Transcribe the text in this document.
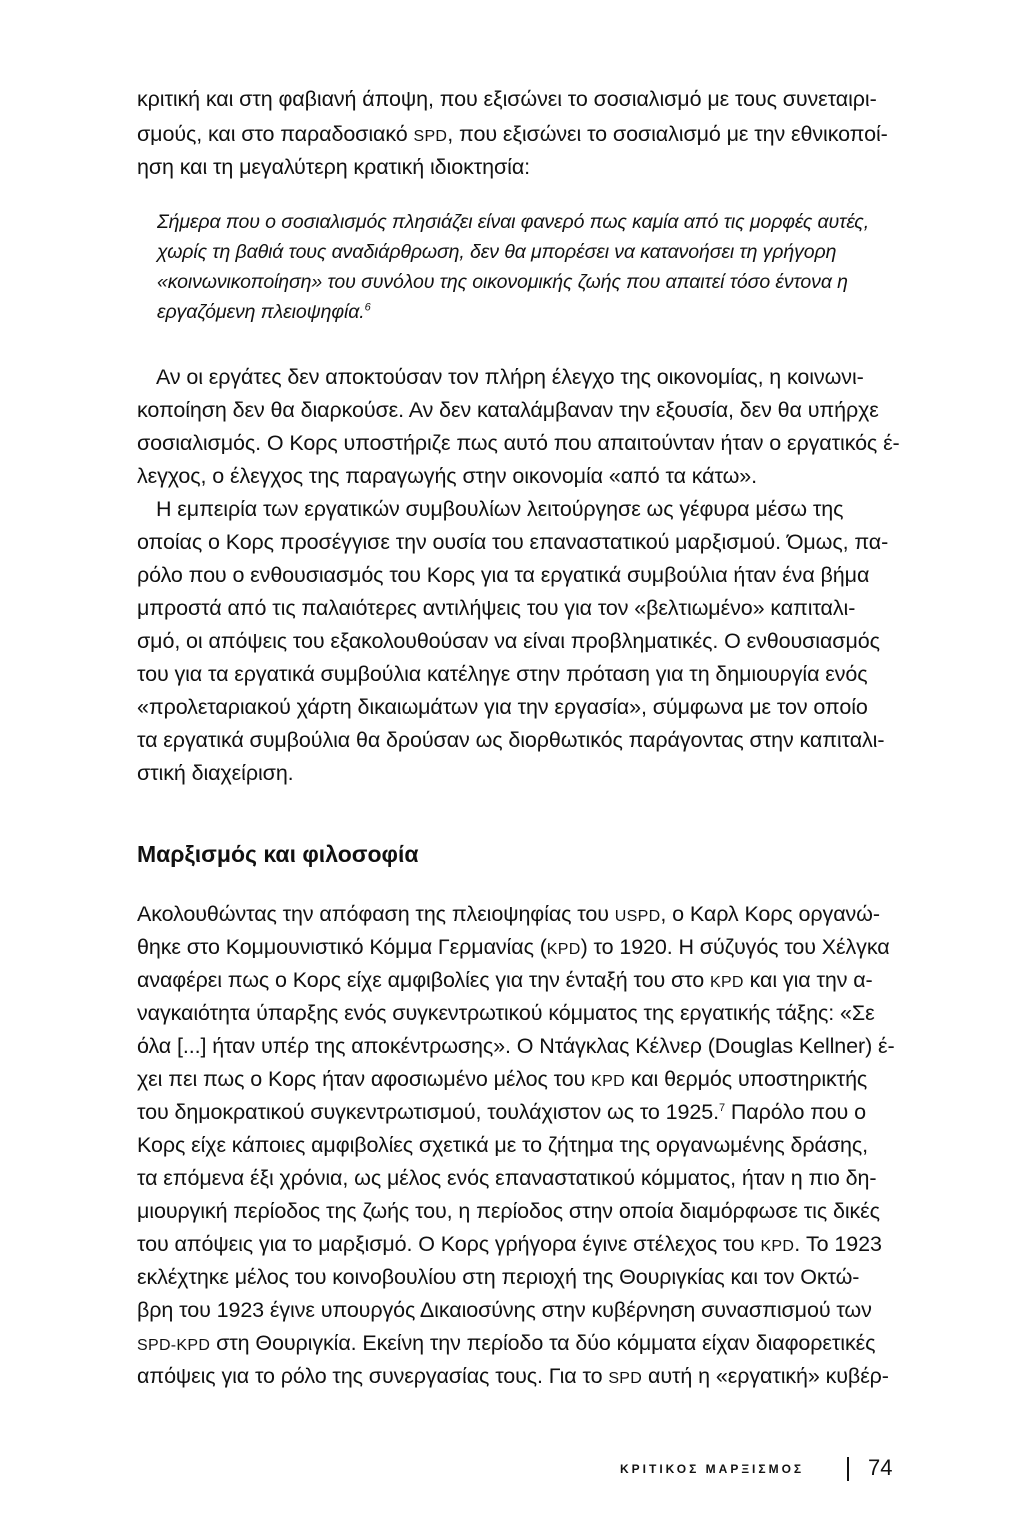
κριτική και στη φαβιανή άποψη, που εξισώνει το σοσιαλισμό με τους συνεταιρι-
σμούς, και στο παραδοσιακό SPD, που εξισώνει το σοσιαλισμό με την εθνικοποί-
ηση και τη μεγαλύτερη κρατική ιδιοκτησία:
Σήμερα που ο σοσιαλισμός πλησιάζει είναι φανερό πως καμία από τις μορφές αυτές,
χωρίς τη βαθιά τους αναδιάρθρωση, δεν θα μπορέσει να κατανοήσει τη γρήγορη
«κοινωνικοποίηση» του συνόλου της οικονομικής ζωής που απαιτεί τόσο έντονα η
εργαζόμενη πλειοψηφία.$^6$
Αν οι εργάτες δεν αποκτούσαν τον πλήρη έλεγχο της οικονομίας, η κοινωνι-
κοποίηση δεν θα διαρκούσε. Αν δεν καταλάμβαναν την εξουσία, δεν θα υπήρχε
σοσιαλισμός. Ο Κορς υποστήριζε πως αυτό που απαιτούνταν ήταν ο εργατικός έ-
λεγχος, ο έλεγχος της παραγωγής στην οικονομία «από τα κάτω».
Η εμπειρία των εργατικών συμβουλίων λειτούργησε ως γέφυρα μέσω της
οποίας ο Κορς προσέγγισε την ουσία του επαναστατικού μαρξισμού. Όμως, πα-
ρόλο που ο ενθουσιασμός του Κορς για τα εργατικά συμβούλια ήταν ένα βήμα
μπροστά από τις παλαιότερες αντιλήψεις του για τον «βελτιωμένο» καπιταλι-
σμό, οι απόψεις του εξακολουθούσαν να είναι προβληματικές. Ο ενθουσιασμός
του για τα εργατικά συμβούλια κατέληγε στην πρόταση για τη δημιουργία ενός
«προλεταριακού χάρτη δικαιωμάτων για την εργασία», σύμφωνα με τον οποίο
τα εργατικά συμβούλια θα δρούσαν ως διορθωτικός παράγοντας στην καπιταλι-
στική διαχείριση.
Μαρξισμός και φιλοσοφία
Ακολουθώντας την απόφαση της πλειοψηφίας του USPD, ο Καρλ Κορς οργανώ-
θηκε στο Κομμουνιστικό Κόμμα Γερμανίας (KPD) το 1920. Η σύζυγός του Χέλγκα
αναφέρει πως ο Κορς είχε αμφιβολίες για την ένταξή του στο KPD και για την α-
ναγκαιότητα ύπαρξης ενός συγκεντρωτικού κόμματος της εργατικής τάξης: «Σε
όλα [...] ήταν υπέρ της αποκέντρωσης». Ο Ντάγκλας Κέλνερ (Douglas Kellner) έ-
χει πει πως ο Κορς ήταν αφοσιωμένο μέλος του KPD και θερμός υποστηρικτής
του δημοκρατικού συγκεντρωτισμού, τουλάχιστον ως το 1925.$^7$ Παρόλο που ο
Κορς είχε κάποιες αμφιβολίες σχετικά με το ζήτημα της οργανωμένης δράσης,
τα επόμενα έξι χρόνια, ως μέλος ενός επαναστατικού κόμματος, ήταν η πιο δη-
μιουργική περίοδος της ζωής του, η περίοδος στην οποία διαμόρφωσε τις δικές
του απόψεις για το μαρξισμό. Ο Κορς γρήγορα έγινε στέλεχος του KPD. Το 1923
εκλέχτηκε μέλος του κοινοβουλίου στη περιοχή της Θουριγκίας και τον Οκτώ-
βρη του 1923 έγινε υπουργός Δικαιοσύνης στην κυβέρνηση συνασπισμού των
SPD-KPD στη Θουριγκία. Εκείνη την περίοδο τα δύο κόμματα είχαν διαφορετικές
απόψεις για το ρόλο της συνεργασίας τους. Για το SPD αυτή η «εργατική» κυβέρ-
ΚΡΙΤΙΚΟΣ ΜΑΡΞΙΣΜΟΣ	74
